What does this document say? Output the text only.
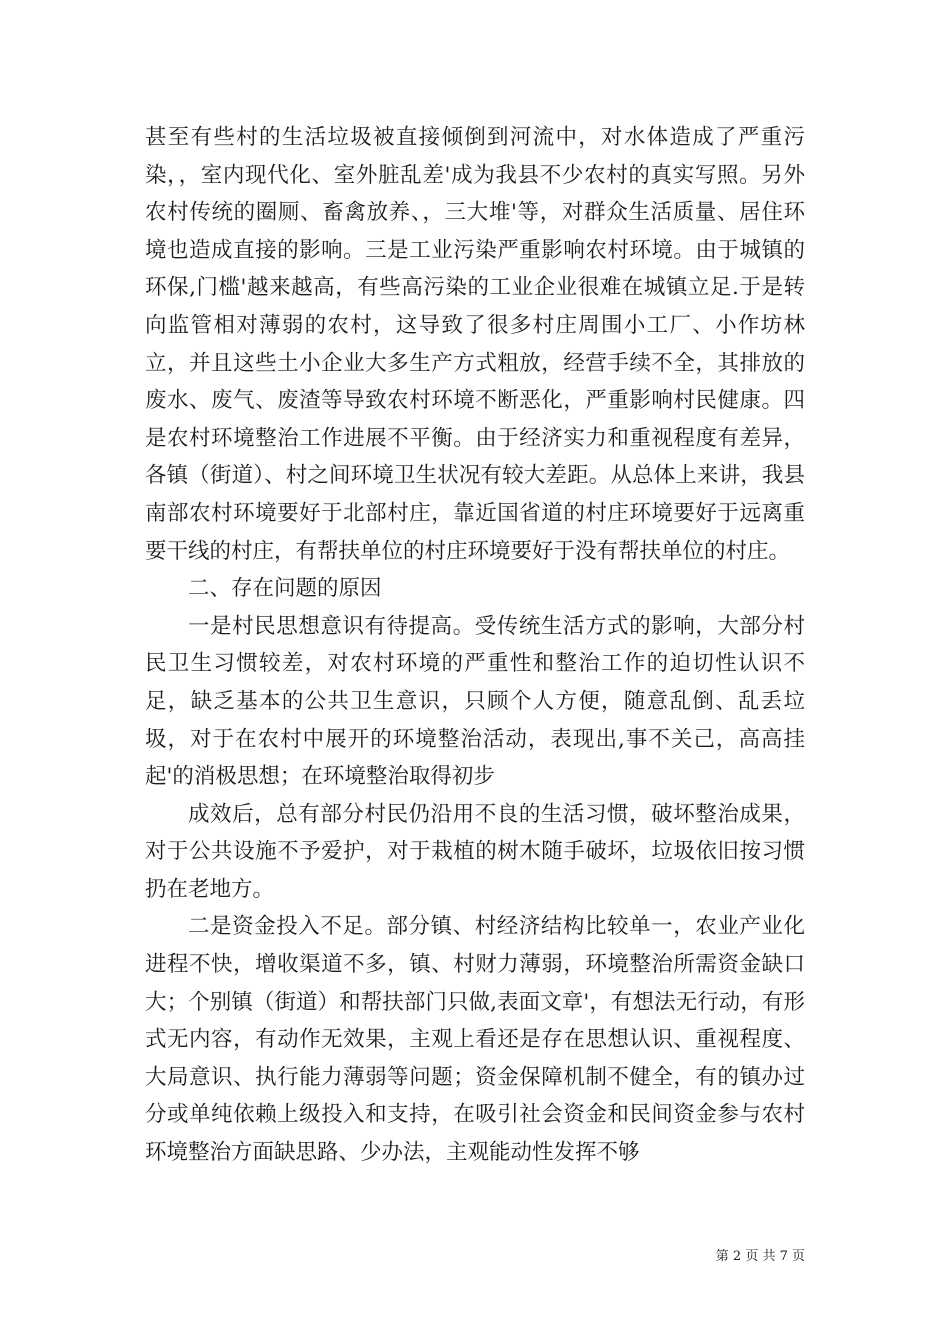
甚至有些村的生活垃圾被直接倾倒到河流中，对水体造成了严重污染，，室内现代化、室外脏乱差'成为我县不少农村的真实写照。另外农村传统的圈厕、畜禽放养、，三大堆'等，对群众生活质量、居住环境也造成直接的影响。三是工业污染严重影响农村环境。由于城镇的环保,门槛'越来越高，有些高污染的工业企业很难在城镇立足.于是转向监管相对薄弱的农村，这导致了很多村庄周围小工厂、小作坊林立，并且这些土小企业大多生产方式粗放，经营手续不全，其排放的废水、废气、废渣等导致农村环境不断恶化，严重影响村民健康。四是农村环境整治工作进展不平衡。由于经济实力和重视程度有差异，各镇（街道）、村之间环境卫生状况有较大差距。从总体上来讲，我县南部农村环境要好于北部村庄，靠近国省道的村庄环境要好于远离重要干线的村庄，有帮扶单位的村庄环境要好于没有帮扶单位的村庄。

二、存在问题的原因

一是村民思想意识有待提高。受传统生活方式的影响，大部分村民卫生习惯较差，对农村环境的严重性和整治工作的迫切性认识不足，缺乏基本的公共卫生意识，只顾个人方便，随意乱倒、乱丢垃圾，对于在农村中展开的环境整治活动，表现出,事不关己，高高挂起'的消极思想；在环境整治取得初步

成效后，总有部分村民仍沿用不良的生活习惯，破坏整治成果，对于公共设施不予爱护，对于栽植的树木随手破坏，垃圾依旧按习惯扔在老地方。

二是资金投入不足。部分镇、村经济结构比较单一，农业产业化进程不快，增收渠道不多，镇、村财力薄弱，环境整治所需资金缺口大；个别镇（街道）和帮扶部门只做,表面文章'，有想法无行动，有形式无内容，有动作无效果，主观上看还是存在思想认识、重视程度、大局意识、执行能力薄弱等问题；资金保障机制不健全，有的镇办过分或单纯依赖上级投入和支持，在吸引社会资金和民间资金参与农村环境整治方面缺思路、少办法，主观能动性发挥不够

第 2 页 共 7 页
